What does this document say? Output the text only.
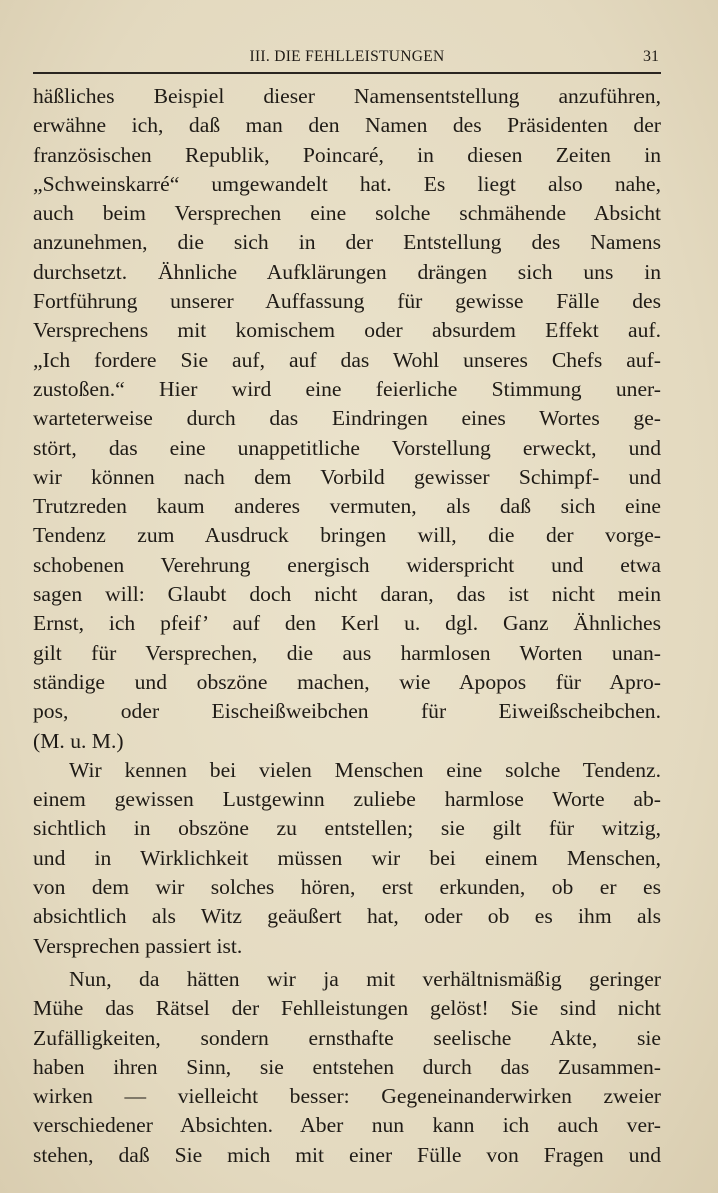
III. DIE FEHLLEISTUNGEN	31
häßliches Beispiel dieser Namensentstellung anzuführen,
erwähne ich, daß man den Namen des Präsidenten der
französischen Republik, Poincaré, in diesen Zeiten in
„Schweinskarré“ umgewandelt hat. Es liegt also nahe,
auch beim Versprechen eine solche schmähende Absicht
anzunehmen, die sich in der Entstellung des Namens
durchsetzt. Ähnliche Aufklärungen drängen sich uns in
Fortführung unserer Auffassung für gewisse Fälle des
Versprechens mit komischem oder absurdem Effekt auf.
„Ich fordere Sie auf, auf das Wohl unseres Chefs auf-
zustoßen.“ Hier wird eine feierliche Stimmung uner-
warteterweise durch das Eindringen eines Wortes ge-
stört, das eine unappetitliche Vorstellung erweckt, und
wir können nach dem Vorbild gewisser Schimpf- und
Trutzreden kaum anderes vermuten, als daß sich eine
Tendenz zum Ausdruck bringen will, die der vorge-
schobenen Verehrung energisch widerspricht und etwa
sagen will: Glaubt doch nicht daran, das ist nicht mein
Ernst, ich pfeif’ auf den Kerl u. dgl. Ganz Ähnliches
gilt für Versprechen, die aus harmlosen Worten unan-
ständige und obszöne machen, wie Apopos für Apro-
pos, oder Eischeißweibchen für Eiweißscheibchen.
(M. u. M.)
Wir kennen bei vielen Menschen eine solche Tendenz.
einem gewissen Lustgewinn zuliebe harmlose Worte ab-
sichtlich in obszöne zu entstellen; sie gilt für witzig,
und in Wirklichkeit müssen wir bei einem Menschen,
von dem wir solches hören, erst erkunden, ob er es
absichtlich als Witz geäußert hat, oder ob es ihm als
Versprechen passiert ist.
Nun, da hätten wir ja mit verhältnismäßig geringer
Mühe das Rätsel der Fehlleistungen gelöst! Sie sind nicht
Zufälligkeiten, sondern ernsthafte seelische Akte, sie
haben ihren Sinn, sie entstehen durch das Zusammen-
wirken — vielleicht besser: Gegeneinanderwirken zweier
verschiedener Absichten. Aber nun kann ich auch ver-
stehen, daß Sie mich mit einer Fülle von Fragen und
